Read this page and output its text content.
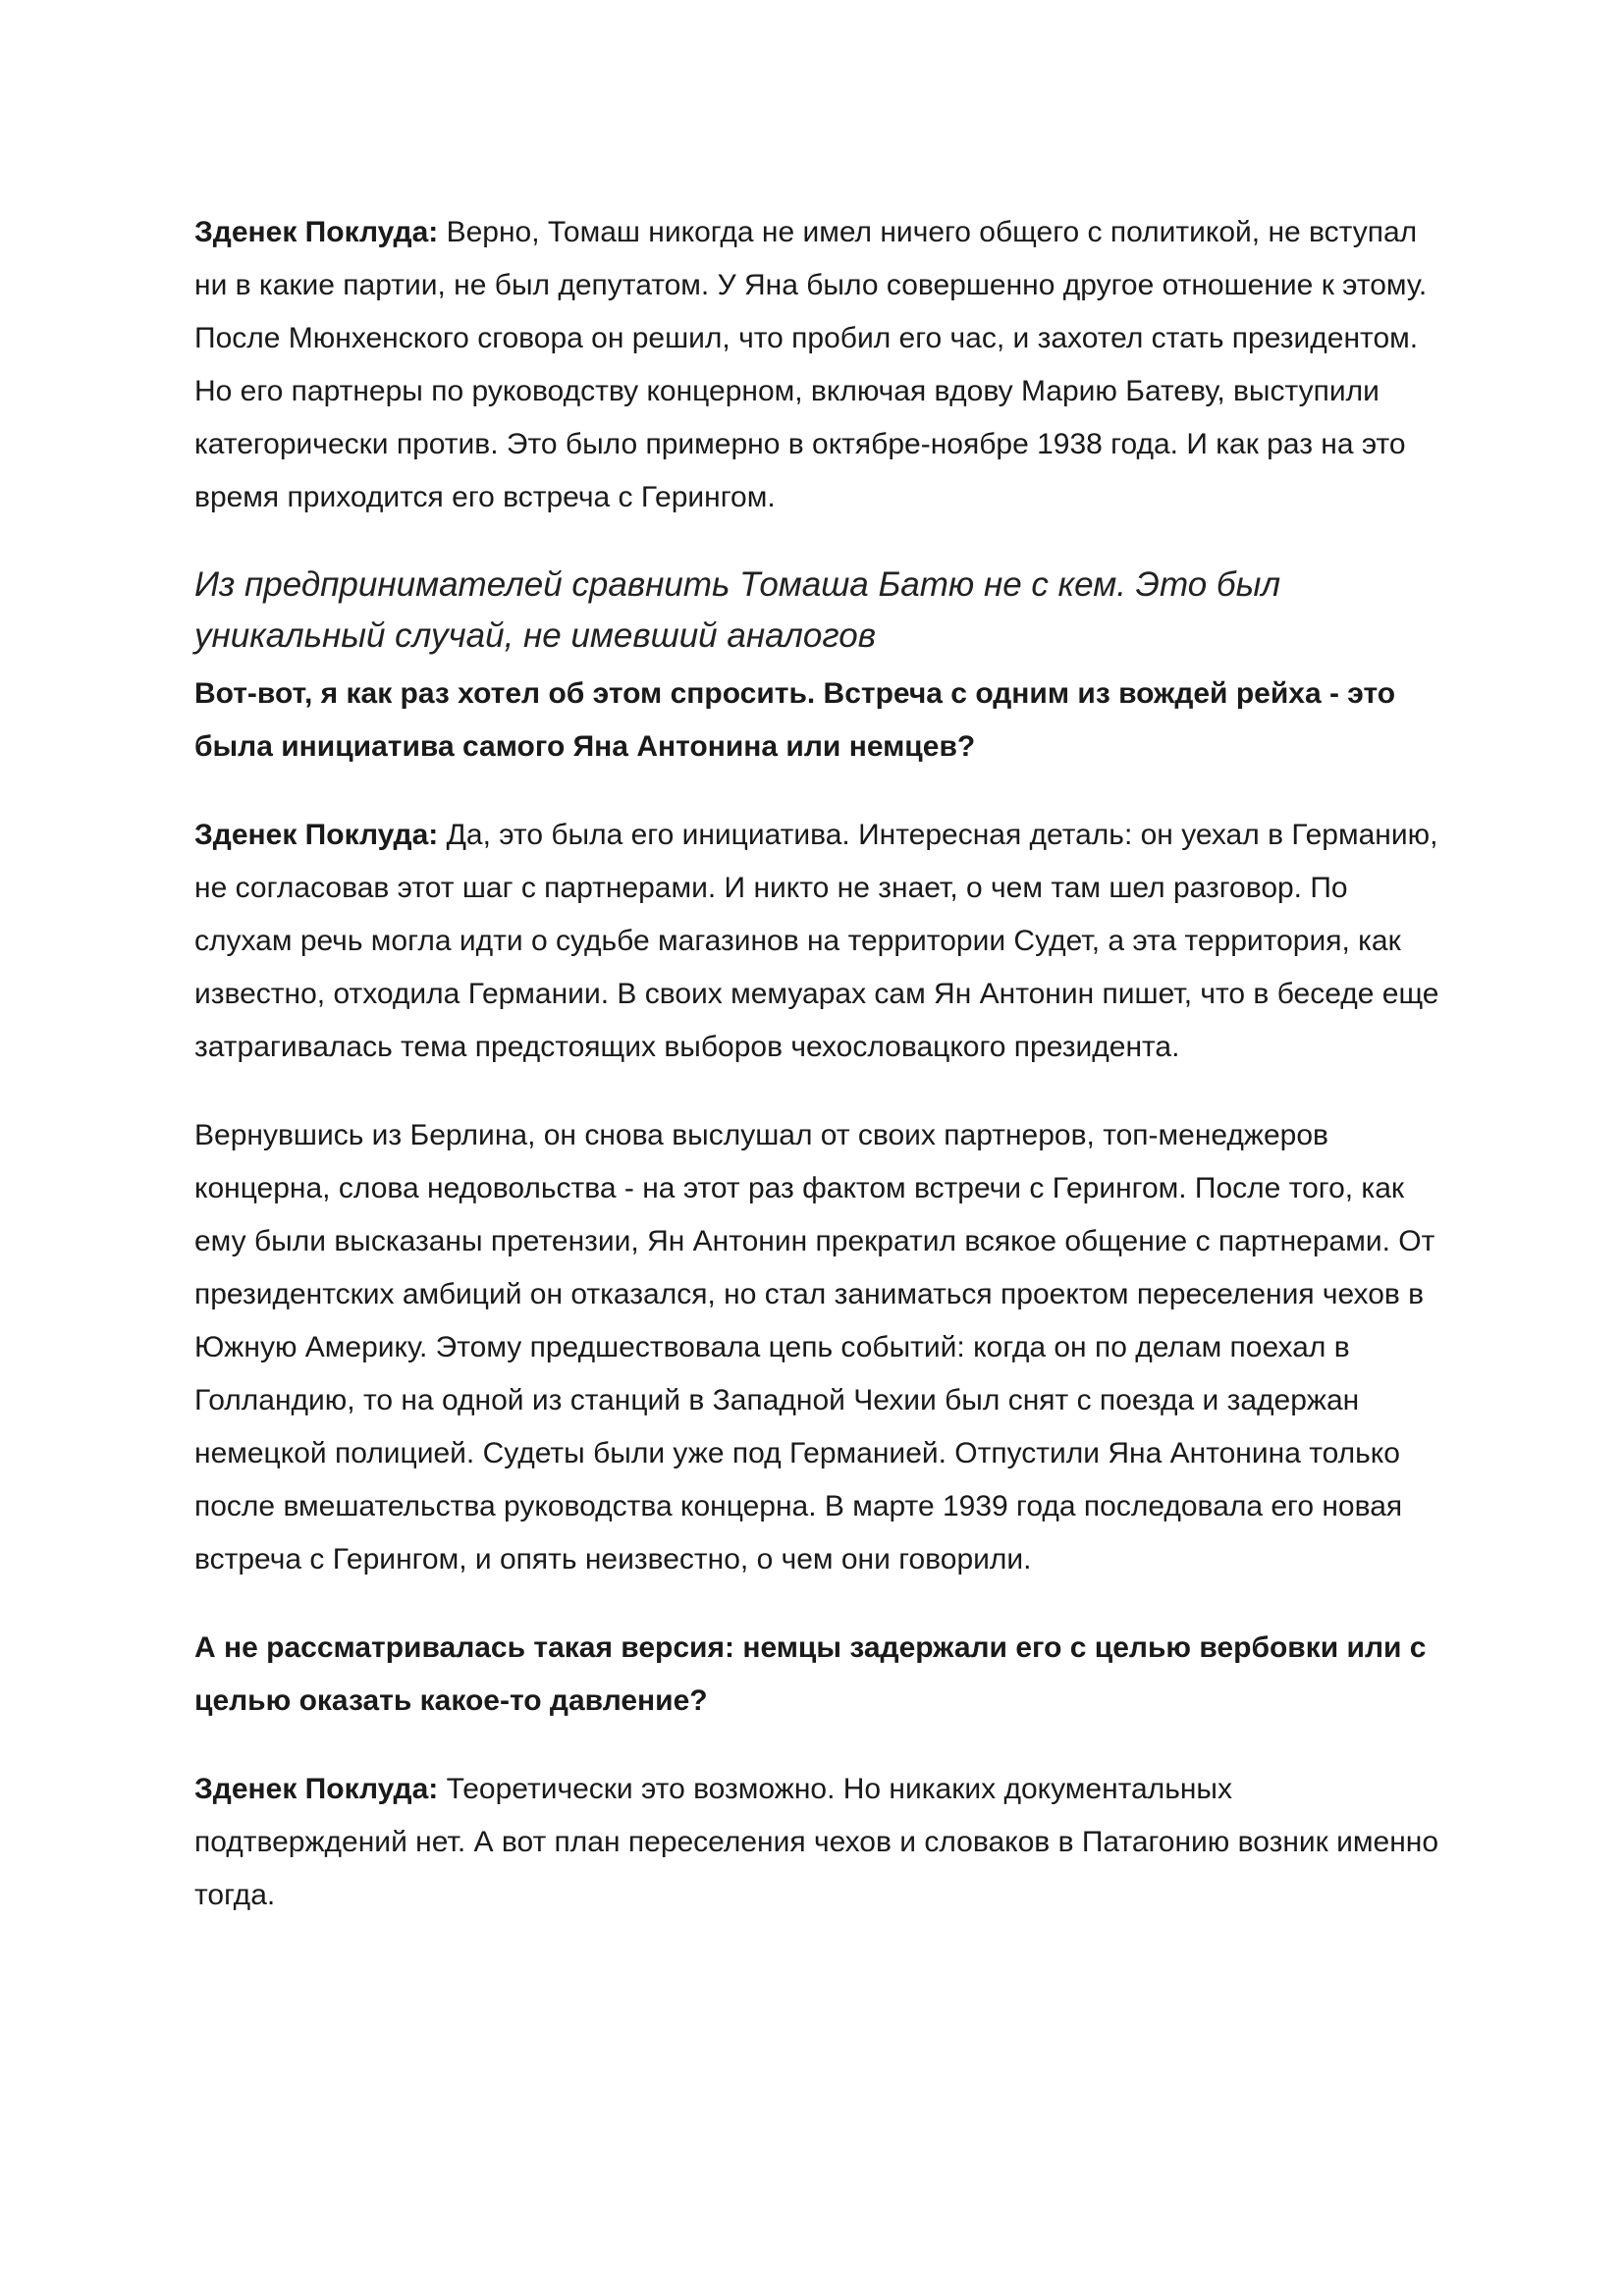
Зденек Поклуда: Верно, Томаш никогда не имел ничего общего с политикой, не вступал ни в какие партии, не был депутатом. У Яна было совершенно другое отношение к этому. После Мюнхенского сговора он решил, что пробил его час, и захотел стать президентом. Но его партнеры по руководству концерном, включая вдову Марию Батеву, выступили категорически против. Это было примерно в октябре-ноябре 1938 года. И как раз на это время приходится его встреча с Герингом.

Из предпринимателей сравнить Томаша Батю не с кем. Это был уникальный случай, не имевший аналогов

Вот-вот, я как раз хотел об этом спросить. Встреча с одним из вождей рейха - это была инициатива самого Яна Антонина или немцев?

Зденек Поклуда: Да, это была его инициатива. Интересная деталь: он уехал в Германию, не согласовав этот шаг с партнерами. И никто не знает, о чем там шел разговор. По слухам речь могла идти о судьбе магазинов на территории Судет, а эта территория, как известно, отходила Германии. В своих мемуарах сам Ян Антонин пишет, что в беседе еще затрагивалась тема предстоящих выборов чехословацкого президента.

Вернувшись из Берлина, он снова выслушал от своих партнеров, топ-менеджеров концерна, слова недовольства - на этот раз фактом встречи с Герингом. После того, как ему были высказаны претензии, Ян Антонин прекратил всякое общение с партнерами. От президентских амбиций он отказался, но стал заниматься проектом переселения чехов в Южную Америку. Этому предшествовала цепь событий: когда он по делам поехал в Голландию, то на одной из станций в Западной Чехии был снят с поезда и задержан немецкой полицией. Судеты были уже под Германией. Отпустили Яна Антонина только после вмешательства руководства концерна. В марте 1939 года последовала его новая встреча с Герингом, и опять неизвестно, о чем они говорили.

А не рассматривалась такая версия: немцы задержали его с целью вербовки или с целью оказать какое-то давление?

Зденек Поклуда: Теоретически это возможно. Но никаких документальных подтверждений нет. А вот план переселения чехов и словаков в Патагонию возник именно тогда.
